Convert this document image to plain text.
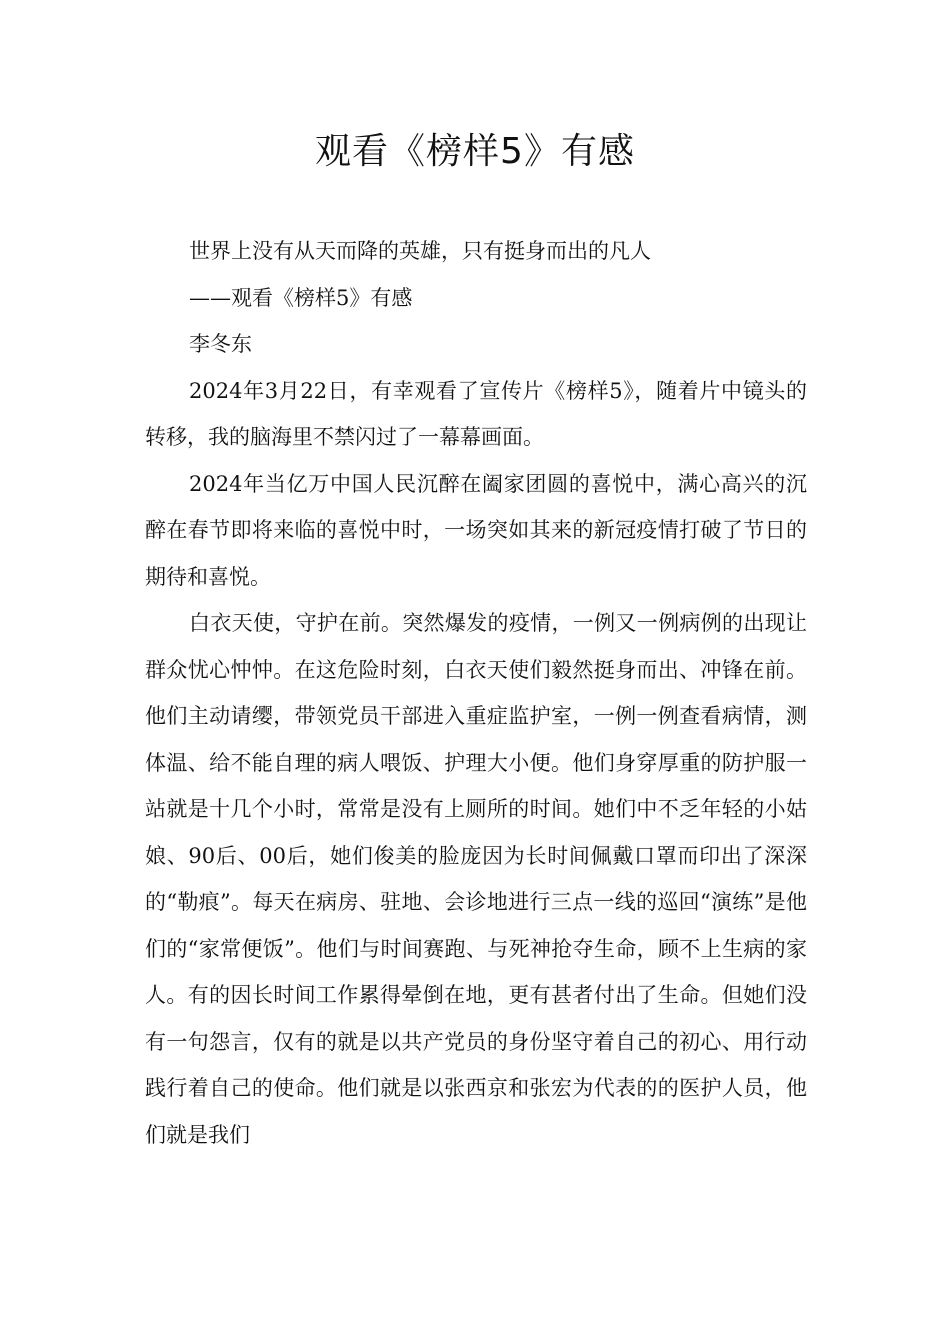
观看《榜样5》有感

世界上没有从天而降的英雄，只有挺身而出的凡人

——观看《榜样5》有感

李冬东

2024年3月22日，有幸观看了宣传片《榜样5》，随着片中镜头的转移，我的脑海里不禁闪过了一幕幕画面。

2024年当亿万中国人民沉醉在阖家团圆的喜悦中，满心高兴的沉醉在春节即将来临的喜悦中时，一场突如其来的新冠疫情打破了节日的期待和喜悦。

白衣天使，守护在前。突然爆发的疫情，一例又一例病例的出现让群众忧心忡忡。在这危险时刻，白衣天使们毅然挺身而出、冲锋在前。他们主动请缨，带领党员干部进入重症监护室，一例一例查看病情，测体温、给不能自理的病人喂饭、护理大小便。他们身穿厚重的防护服一站就是十几个小时，常常是没有上厕所的时间。她们中不乏年轻的小姑娘、90后、00后，她们俊美的脸庞因为长时间佩戴口罩而印出了深深的“勒痕”。每天在病房、驻地、会诊地进行三点一线的巡回“演练”是他们的“家常便饭”。他们与时间赛跑、与死神抢夺生命，顾不上生病的家人。有的因长时间工作累得晕倒在地，更有甚者付出了生命。但她们没有一句怨言，仅有的就是以共产党员的身份坚守着自己的初心、用行动践行着自己的使命。他们就是以张西京和张宏为代表的的医护人员，他们就是我们
